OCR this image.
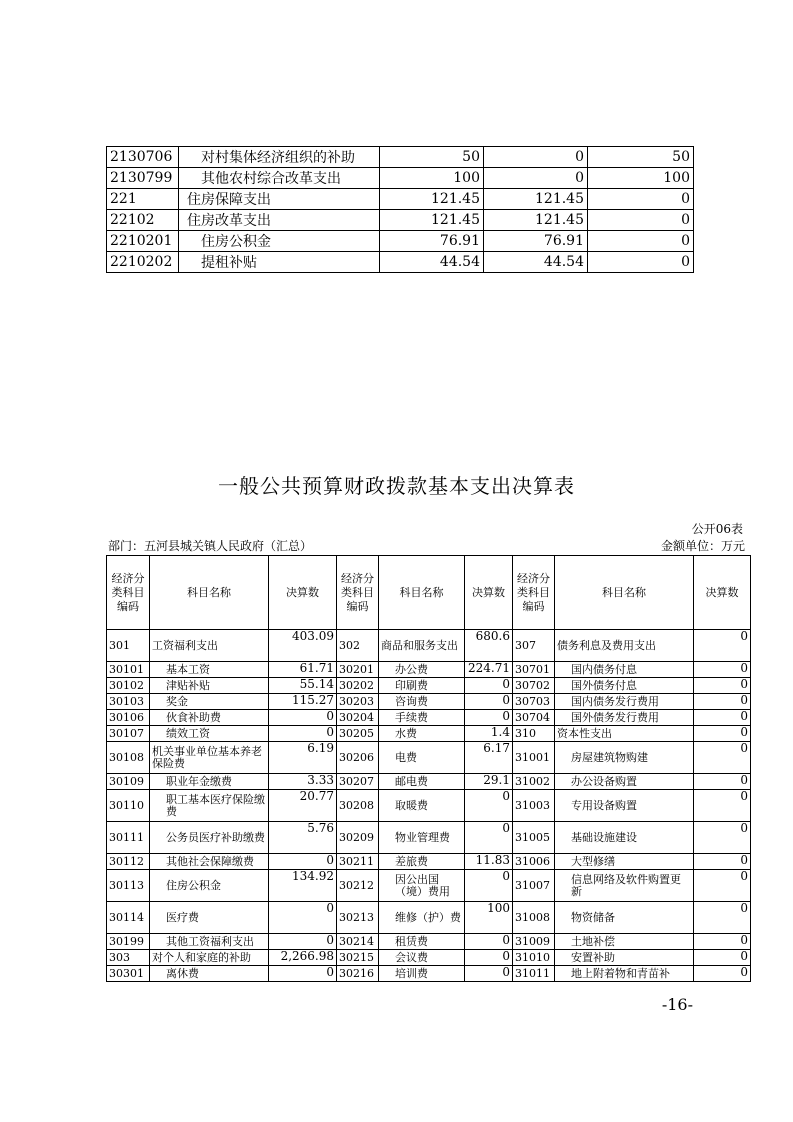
2130706	对村集体经济组织的补助	50	0	50
2130799	其他农村综合改革支出	100	0	100
221	住房保障支出	121.45	121.45	0
22102	住房改革支出	121.45	121.45	0
2210201	住房公积金	76.91	76.91	0
2210202	提租补贴	44.54	44.54	0
一般公共预算财政拨款基本支出决算表
公开06表
部门：五河县城关镇人民政府（汇总）	金额单位：万元
经济分类科目编码	科目名称	决算数	经济分类科目编码	科目名称	决算数	经济分类科目编码	科目名称	决算数
301	工资福利支出	403.09	302	商品和服务支出	680.6	307	债务利息及费用支出	0
30101	基本工资	61.71	30201	办公费	224.71	30701	国内债务付息	0
30102	津贴补贴	55.14	30202	印刷费	0	30702	国外债务付息	0
30103	奖金	115.27	30203	咨询费	0	30703	国内债务发行费用	0
30106	伙食补助费	0	30204	手续费	0	30704	国外债务发行费用	0
30107	绩效工资	0	30205	水费	1.4	310	资本性支出	0
30108	机关事业单位基本养老保险费	6.19	30206	电费	6.17	31001	房屋建筑物购建	0
30109	职业年金缴费	3.33	30207	邮电费	29.1	31002	办公设备购置	0
30110	职工基本医疗保险缴费	20.77	30208	取暖费	0	31003	专用设备购置	0
30111	公务员医疗补助缴费	5.76	30209	物业管理费	0	31005	基础设施建设	0
30112	其他社会保障缴费	0	30211	差旅费	11.83	31006	大型修缮	0
30113	住房公积金	134.92	30212	因公出国（境）费用	0	31007	信息网络及软件购置更新	0
30114	医疗费	0	30213	维修（护）费	100	31008	物资储备	0
30199	其他工资福利支出	0	30214	租赁费	0	31009	土地补偿	0
303	对个人和家庭的补助	2,266.98	30215	会议费	0	31010	安置补助	0
30301	离休费	0	30216	培训费	0	31011	地上附着物和青苗补	0
-16-
